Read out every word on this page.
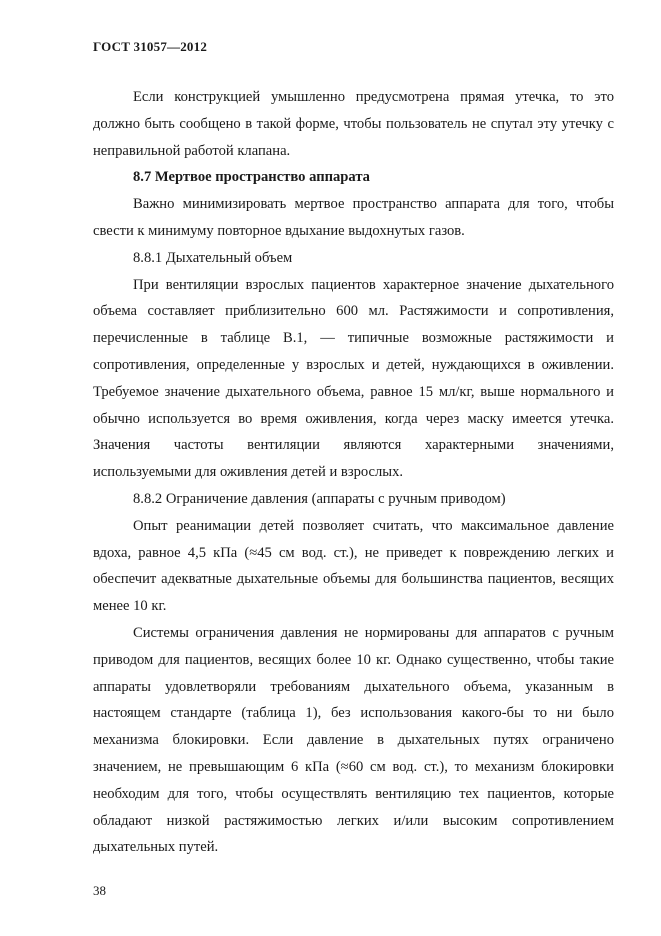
ГОСТ 31057—2012

Если конструкцией умышленно предусмотрена прямая утечка, то это должно быть сообщено в такой форме, чтобы пользователь не спутал эту утечку с неправильной работой клапана.

8.7 Мертвое пространство аппарата

Важно минимизировать мертвое пространство аппарата для того, чтобы свести к минимуму повторное вдыхание выдохнутых газов.

8.8.1 Дыхательный объем

При вентиляции взрослых пациентов характерное значение дыхательного объема составляет приблизительно 600 мл. Растяжимости и сопротивления, перечисленные в таблице В.1, — типичные возможные растяжимости и сопротивления, определенные у взрослых и детей, нуждающихся в оживлении. Требуемое значение дыхательного объема, равное 15 мл/кг, выше нормального и обычно используется во время оживления, когда через маску имеется утечка. Значения частоты вентиляции являются характерными значениями, используемыми для оживления детей и взрослых.

8.8.2 Ограничение давления (аппараты с ручным приводом)

Опыт реанимации детей позволяет считать, что максимальное давление вдоха, равное 4,5 кПа (≈45 см вод. ст.), не приведет к повреждению легких и обеспечит адекватные дыхательные объемы для большинства пациентов, весящих менее 10 кг.

Системы ограничения давления не нормированы для аппаратов с ручным приводом для пациентов, весящих более 10 кг. Однако существенно, чтобы такие аппараты удовлетворяли требованиям дыхательного объема, указанным в настоящем стандарте (таблица 1), без использования какого-бы то ни было механизма блокировки. Если давление в дыхательных путях ограничено значением, не превышающим 6 кПа (≈60 см вод. ст.), то механизм блокировки необходим для того, чтобы осуществлять вентиляцию тех пациентов, которые обладают низкой растяжимостью легких и/или высоким сопротивлением дыхательных путей.

38
